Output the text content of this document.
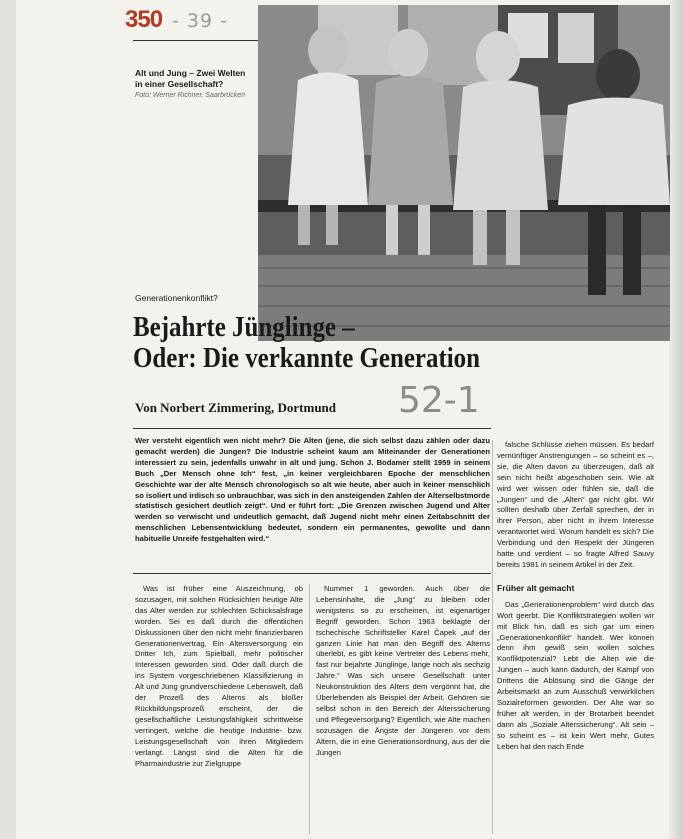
350 - 39 -
Alt und Jung – Zwei Welten in einer Gesellschaft?
Foto: Werner Richner, Saarbrücken
Generationenkonflikt?
Bejahrte Jünglinge –
Oder: Die verkannte Generation
52-1
Von Norbert Zimmering, Dortmund
Wer versteht eigentlich wen nicht mehr? Die Alten (jene, die sich selbst dazu zählen oder dazu gemacht werden) die Jungen? Die Industrie scheint kaum am Miteinander der Generationen interessiert zu sein, jedenfalls unwahr in alt und jung. Schon J. Bodamer stellt 1959 in seinem Buch „Der Mensch ohne Ich“ fest, „in keiner vergleichbaren Epoche der menschlichen Geschichte war der alte Mensch chronologisch so alt wie heute, aber auch in keiner menschlich so isoliert und irdisch so unbrauchbar, was sich in den ansteigenden Zahlen der Alterselbstmorde statistisch gesichert deutlich zeigt“. Und er führt fort: „Die Grenzen zwischen Jugend und Alter werden so verwischt und undeutlich gemacht, daß Jugend nicht mehr einen Zeitabschnitt der menschlichen Lebensentwicklung bedeutet, sondern ein permanentes, gewollte und dann habituelle Unreife festgehalten wird.“

Was ist früher eine Auszeichnung, ob sozusagen, mit solchen Rücksichten heutige Alte das Alter werden zur schlechten Schicksalsfrage worden. Sei es daß durch die öffentlichen Diskussionen über den nicht mehr finanzierbaren Generationenvertrag, Ein Altersversorgung ein Dritter Ich, zum Spielball, mehr politischer Interessen geworden sind. Oder daß durch die ins System vorgeschriebenen Klassifizierung in Alt und Jung grundverschiedene Lebenswelt, daß der Prozeß des Alterns als bloßer Rückbildungsprozeß erscheint, der die gesellschaftliche Leistungsfähigkeit schrittweise verringert, welche die heutige Industrie- bzw. Leistungsgesellschaft von ihren Mitgliedern verlangt. Längst sind die Alten für die Pharmaindustrie zur Zielgruppe

Nummer 1 geworden. Auch über die Lebensinhalte, die „Jung“ zu bleiben oder wenigstens so zu erscheinen, ist eigenartiger Begriff geworden. Schon 1963 beklagte der tschechische Schriftsteller Karel Čapek „auf der ganzen Linie hat man den Begriff des Alterns überlebt, es gibt keine Vertreter des Lebens mehr, fast nur bejahrte Jünglinge, lange noch als sechzig Jahre.“ Was sich unsere Gesellschaft unter Neukonstruktion des Alters dem vergönnt hat, die Überlebenden als Beispiel der Arbeit. Gehören sie selbst schon in den Bereich der Alterssicherung und Pflegeversorgung? Eigentlich, wie Alte machen sozusagen die Ängste der Jüngeren vor dem Altern, die in eine Generationsordnung, aus der die Jungen

falsche Schlüsse ziehen müssen. Es bedarf vernünftiger Anstrengungen – so scheint es –, sie, die Alten davon zu überzeugen, daß alt sein nicht heißt abgeschoben sein. Wie alt wird wer wissen oder fühlen sie, daß die „Jungen“ und die „Alten“ gar nicht gibt. Wir sollten deshalb über Zerfall sprechen, der in ihrer Person, aber nicht in ihrem Interesse verantwortet wird. Worum handelt es sich? Die Verbindung und den Respekt der Jüngeren hatte und verdient – so fragte Alfred Sauvy bereits 1981 in seinem Artikel in der Zeit.

Früher alt gemacht

Das „Generationenproblem“ wird durch das Wort geerbt. Die Konfliktstrategien wollen wir mit Blick hin, daß es sich gar um einen „Generationenkonflikt“ handelt. Wer können denn ihm gewiß sein wollen solches Konfliktpotenzial? Lebt die Alten wie die Jungen – auch kann dadurch, der Kampf von Drittens die Ablösung sind die Gänge der Arbeitsmarkt an zum Ausschuß verwirklichen Sozialreformen geworden. Der Alte war so früher alt werden, in der Brotarbeit beendet dann als „Soziale Alterssicherung“. Alt sein – so scheint es – ist kein Wert mehr, Gutes Leben hat den nach Ende
